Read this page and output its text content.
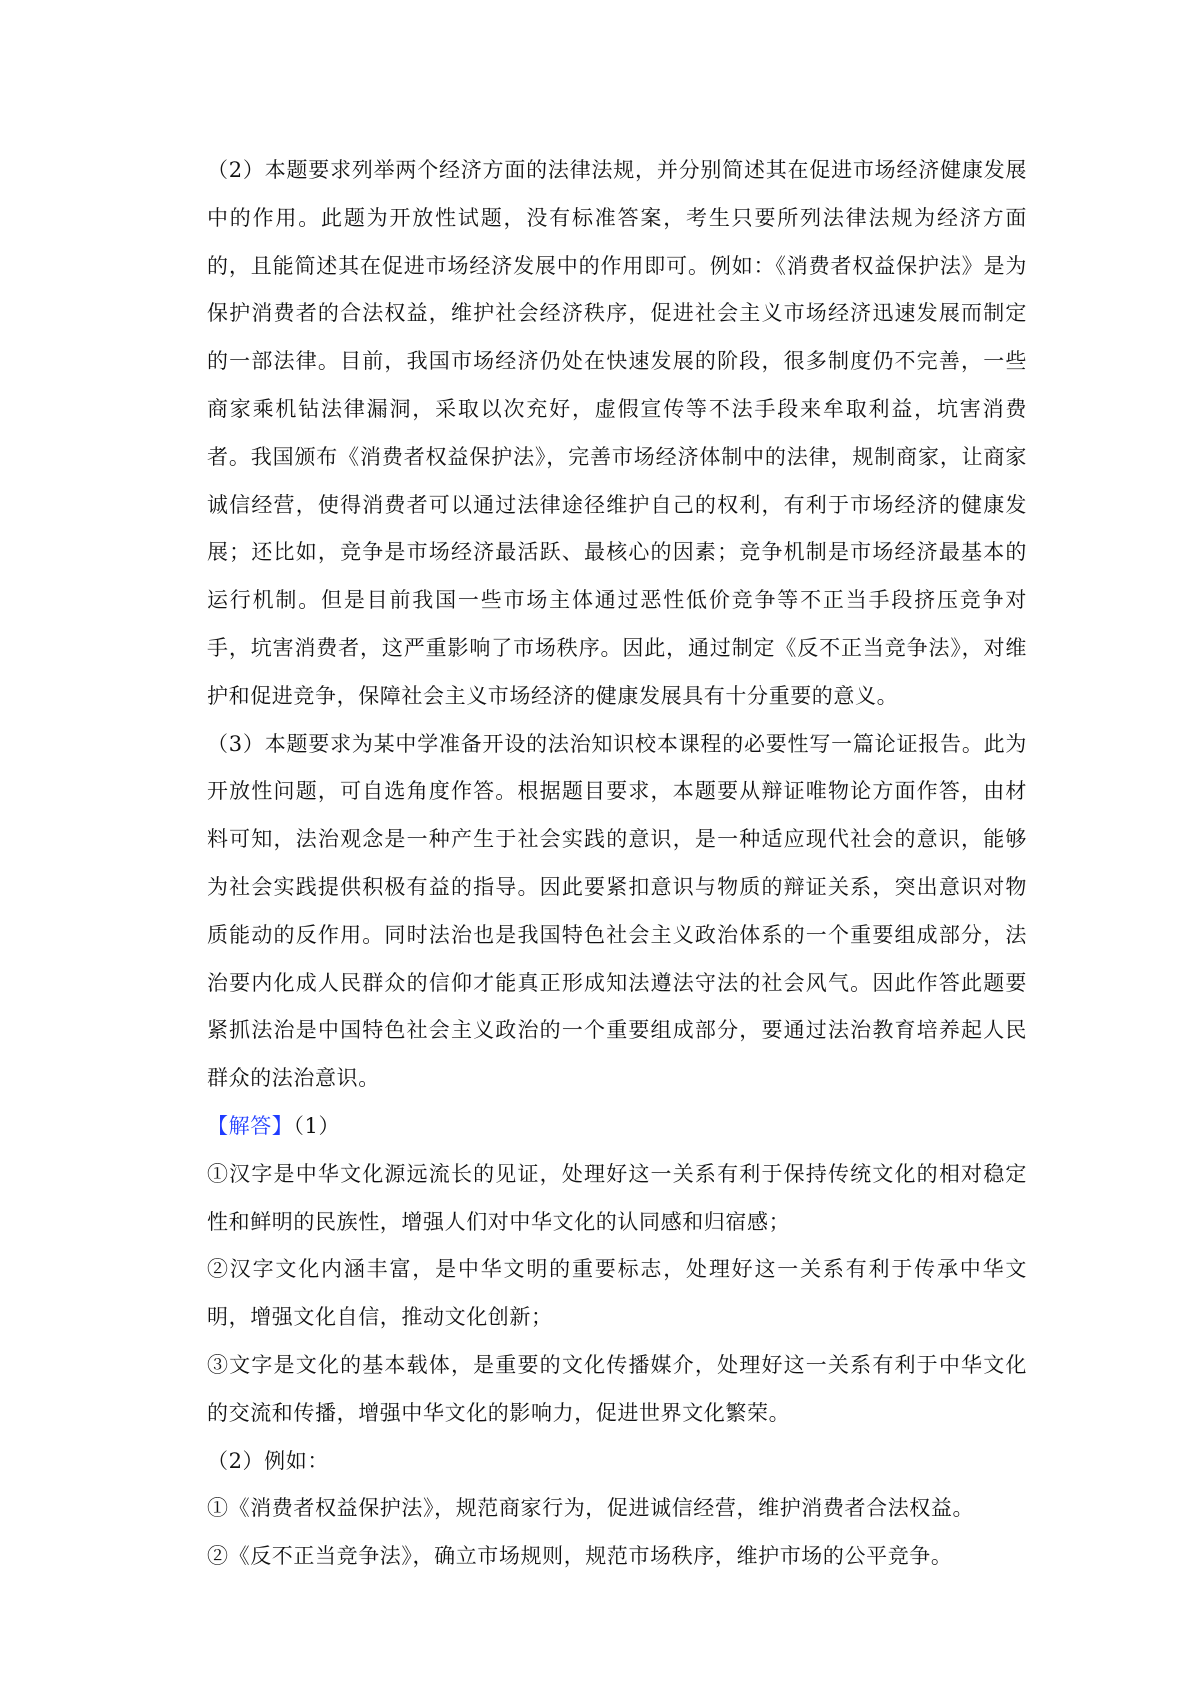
（2）本题要求列举两个经济方面的法律法规，并分别简述其在促进市场经济健康发展中的作用。此题为开放性试题，没有标准答案，考生只要所列法律法规为经济方面的，且能简述其在促进市场经济发展中的作用即可。例如：《消费者权益保护法》是为保护消费者的合法权益，维护社会经济秩序，促进社会主义市场经济迅速发展而制定的一部法律。目前，我国市场经济仍处在快速发展的阶段，很多制度仍不完善，一些商家乘机钻法律漏洞，采取以次充好，虚假宣传等不法手段来牟取利益，坑害消费者。我国颁布《消费者权益保护法》，完善市场经济体制中的法律，规制商家，让商家诚信经营，使得消费者可以通过法律途径维护自己的权利，有利于市场经济的健康发展；还比如，竞争是市场经济最活跃、最核心的因素；竞争机制是市场经济最基本的运行机制。但是目前我国一些市场主体通过恶性低价竞争等不正当手段挤压竞争对手，坑害消费者，这严重影响了市场秩序。因此，通过制定《反不正当竞争法》，对维护和促进竞争，保障社会主义市场经济的健康发展具有十分重要的意义。

（3）本题要求为某中学准备开设的法治知识校本课程的必要性写一篇论证报告。此为开放性问题，可自选角度作答。根据题目要求，本题要从辩证唯物论方面作答，由材料可知，法治观念是一种产生于社会实践的意识，是一种适应现代社会的意识，能够为社会实践提供积极有益的指导。因此要紧扣意识与物质的辩证关系，突出意识对物质能动的反作用。同时法治也是我国特色社会主义政治体系的一个重要组成部分，法治要内化成人民群众的信仰才能真正形成知法遵法守法的社会风气。因此作答此题要紧抓法治是中国特色社会主义政治的一个重要组成部分，要通过法治教育培养起人民群众的法治意识。

【解答】（1）

①汉字是中华文化源远流长的见证，处理好这一关系有利于保持传统文化的相对稳定性和鲜明的民族性，增强人们对中华文化的认同感和归宿感；

②汉字文化内涵丰富，是中华文明的重要标志，处理好这一关系有利于传承中华文明，增强文化自信，推动文化创新；

③文字是文化的基本载体，是重要的文化传播媒介，处理好这一关系有利于中华文化的交流和传播，增强中华文化的影响力，促进世界文化繁荣。

（2）例如：

①《消费者权益保护法》，规范商家行为，促进诚信经营，维护消费者合法权益。

②《反不正当竞争法》，确立市场规则，规范市场秩序，维护市场的公平竞争。
